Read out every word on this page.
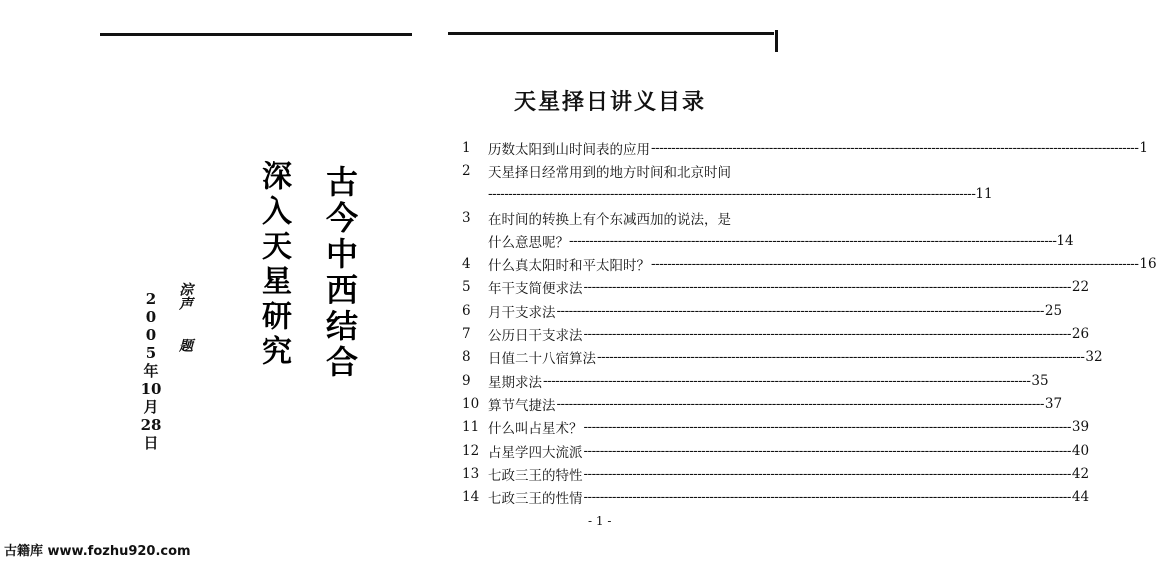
古今中西结合
深入天星研究
淙声题
2
0
0
5
年
10
月
28
日
天星择日讲义目录
1	历数太阳到山时间表的应用 ------------------------------------------------------------------------------------------------------------------------ 1
2	天星择日经常用到的地方时间和北京时间
------------------------------------------------------------------------------------------------------------------------ 11
3	在时间的转换上有个东减西加的说法，是
什么意思呢？ ------------------------------------------------------------------------------------------------------------------------ 14
4	什么真太阳时和平太阳时？ ------------------------------------------------------------------------------------------------------------------------ 16
5	年干支简便求法 ------------------------------------------------------------------------------------------------------------------------ 22
6	月干支求法 ------------------------------------------------------------------------------------------------------------------------ 25
7	公历日干支求法 ------------------------------------------------------------------------------------------------------------------------ 26
8	日值二十八宿算法 ------------------------------------------------------------------------------------------------------------------------ 32
9	星期求法 ------------------------------------------------------------------------------------------------------------------------ 35
10 算节气捷法 ------------------------------------------------------------------------------------------------------------------------ 37
11 什么叫占星术？ ------------------------------------------------------------------------------------------------------------------------ 39
12 占星学四大流派 ------------------------------------------------------------------------------------------------------------------------ 40
13 七政三王的特性 ------------------------------------------------------------------------------------------------------------------------ 42
14 七政三王的性情 ------------------------------------------------------------------------------------------------------------------------ 44
- 1 -
古籍库 www.fozhu920.com
